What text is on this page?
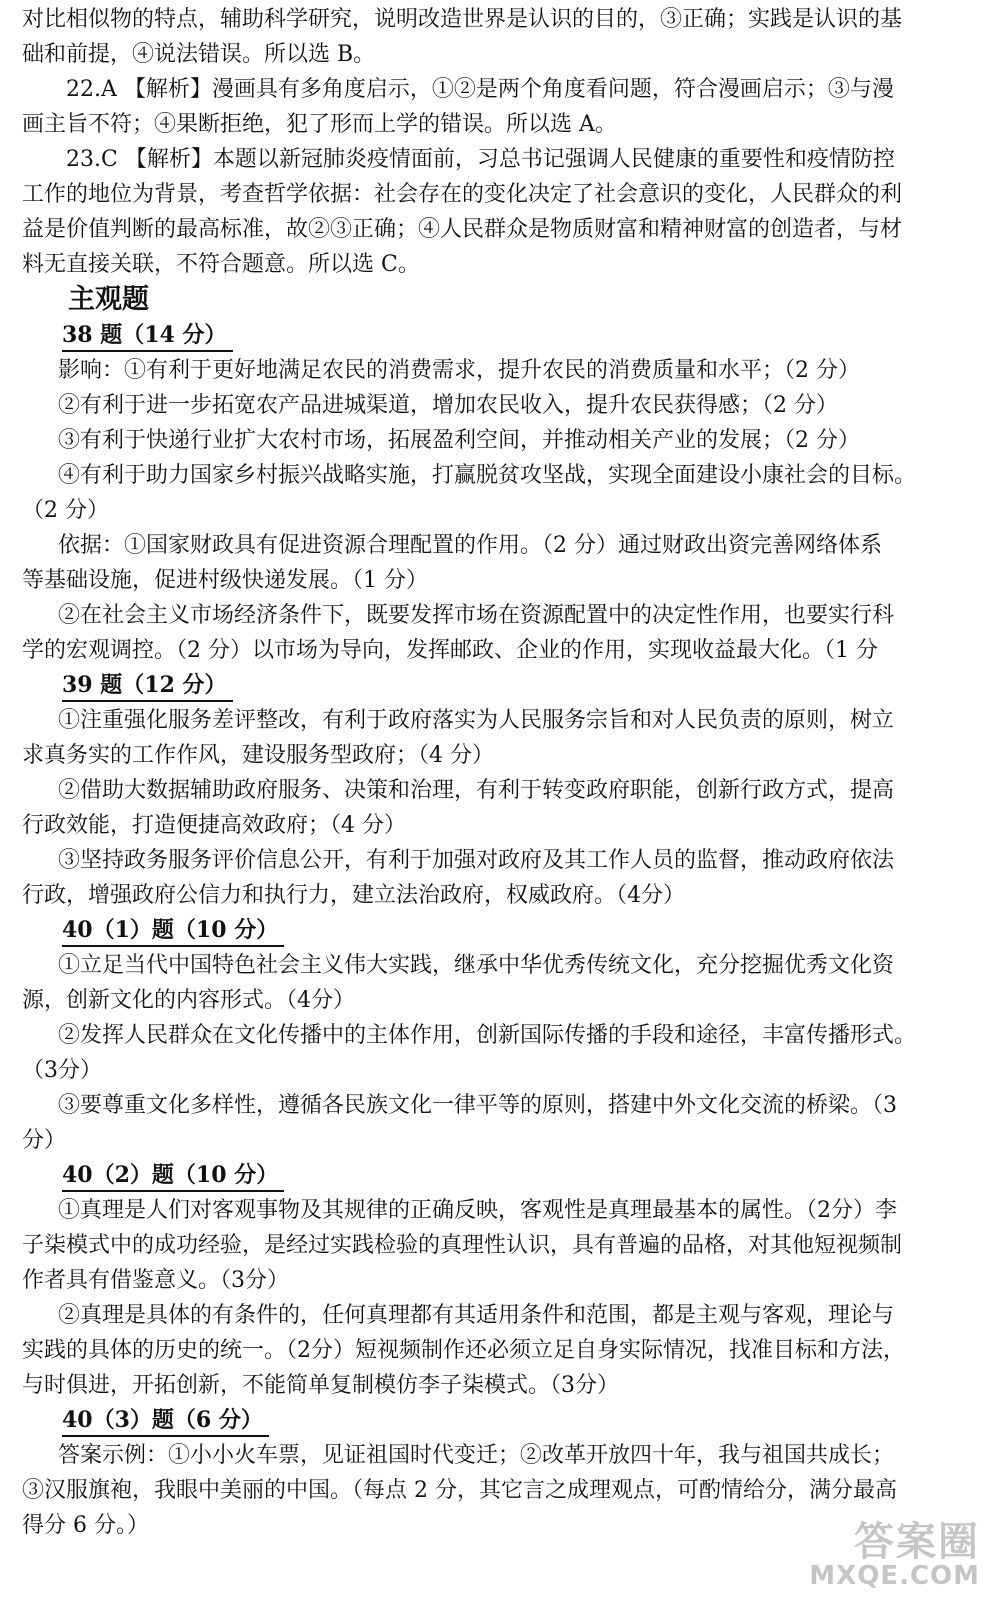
对比相似物的特点，辅助科学研究，说明改造世界是认识的目的，③正确；实践是认识的基
础和前提，④说法错误。所以选 B。
22.A 【解析】漫画具有多角度启示，①②是两个角度看问题，符合漫画启示；③与漫
画主旨不符；④果断拒绝，犯了形而上学的错误。所以选 A。
23.C 【解析】本题以新冠肺炎疫情面前，习总书记强调人民健康的重要性和疫情防控
工作的地位为背景，考查哲学依据：社会存在的变化决定了社会意识的变化，人民群众的利
益是价值判断的最高标准，故②③正确；④人民群众是物质财富和精神财富的创造者，与材
料无直接关联，不符合题意。所以选 C。
主观题
38 题（14 分）
影响：①有利于更好地满足农民的消费需求，提升农民的消费质量和水平；（2 分）
②有利于进一步拓宽农产品进城渠道，增加农民收入，提升农民获得感；（2 分）
③有利于快递行业扩大农村市场，拓展盈利空间，并推动相关产业的发展；（2 分）
④有利于助力国家乡村振兴战略实施，打赢脱贫攻坚战，实现全面建设小康社会的目标。
（2 分）
依据：①国家财政具有促进资源合理配置的作用。（2 分）通过财政出资完善网络体系
等基础设施，促进村级快递发展。（1 分）
②在社会主义市场经济条件下，既要发挥市场在资源配置中的决定性作用，也要实行科
学的宏观调控。（2 分）以市场为导向，发挥邮政、企业的作用，实现收益最大化。（1 分
39 题（12 分）
①注重强化服务差评整改，有利于政府落实为人民服务宗旨和对人民负责的原则，树立
求真务实的工作作风，建设服务型政府；（4 分）
②借助大数据辅助政府服务、决策和治理，有利于转变政府职能，创新行政方式，提高
行政效能，打造便捷高效政府；（4 分）
③坚持政务服务评价信息公开，有利于加强对政府及其工作人员的监督，推动政府依法
行政，增强政府公信力和执行力，建立法治政府，权威政府。（4分）
40（1）题（10 分）
①立足当代中国特色社会主义伟大实践，继承中华优秀传统文化，充分挖掘优秀文化资
源，创新文化的内容形式。（4分）
②发挥人民群众在文化传播中的主体作用，创新国际传播的手段和途径，丰富传播形式。
（3分）
③要尊重文化多样性，遵循各民族文化一律平等的原则，搭建中外文化交流的桥梁。（3
分）
40（2）题（10 分）
①真理是人们对客观事物及其规律的正确反映，客观性是真理最基本的属性。（2分）李
子柒模式中的成功经验，是经过实践检验的真理性认识，具有普遍的品格，对其他短视频制
作者具有借鉴意义。（3分）
②真理是具体的有条件的，任何真理都有其适用条件和范围，都是主观与客观，理论与
实践的具体的历史的统一。（2分）短视频制作还必须立足自身实际情况，找准目标和方法，
与时俱进，开拓创新，不能简单复制模仿李子柒模式。（3分）
40（3）题（6 分）
答案示例：①小小火车票，见证祖国时代变迁；②改革开放四十年，我与祖国共成长；
③汉服旗袍，我眼中美丽的中国。（每点 2 分，其它言之成理观点，可酌情给分，满分最高
得分 6 分。）	答案圈
MXQE.COM
